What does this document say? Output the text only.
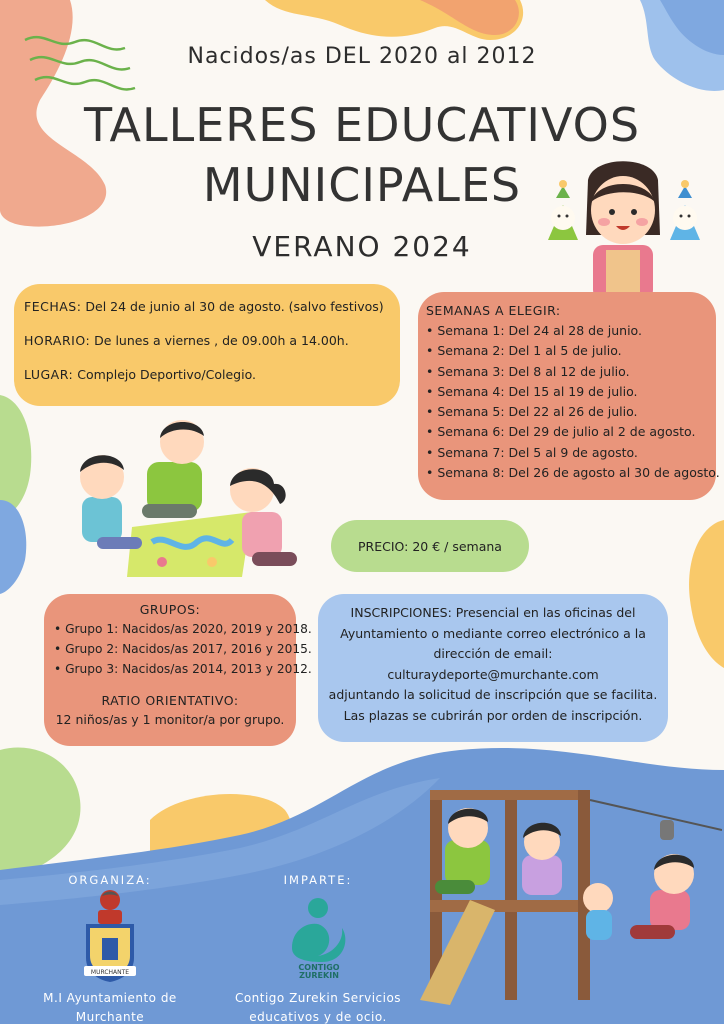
Nacidos/as DEL 2020 al 2012
TALLERES EDUCATIVOS
MUNICIPALES
VERANO 2024

FECHAS: Del 24 de junio al 30 de agosto. (salvo festivos)

HORARIO: De lunes a viernes , de 09.00h a 14.00h.

LUGAR: Complejo Deportivo/Colegio.

SEMANAS A ELEGIR:
• Semana 1: Del 24 al 28 de junio.
• Semana 2: Del 1 al 5 de julio.
• Semana 3: Del 8 al 12 de julio.
• Semana 4: Del 15 al 19 de julio.
• Semana 5: Del 22 al 26 de julio.
• Semana 6: Del 29 de julio al 2 de agosto.
• Semana 7: Del 5 al 9 de agosto.
• Semana 8: Del 26 de agosto al 30 de agosto.
PRECIO:
20 € / semana
GRUPOS:
• Grupo 1: Nacidos/as 2020, 2019 y 2018.
• Grupo 2: Nacidos/as 2017, 2016 y 2015.
• Grupo 3: Nacidos/as 2014, 2013 y 2012.
RATIO ORIENTATIVO:
12 niños/as y 1 monitor/a por grupo.
INSCRIPCIONES: Presencial en las oficinas del
Ayuntamiento o mediante correo electrónico a la
dirección de email:
culturaydeporte@murchante.com
adjuntando la solicitud de inscripción que se facilita.
Las plazas se cubrirán por orden de inscripción.
ORGANIZA:
MURCHANTE
M.I Ayuntamiento de
Murchante
IMPARTE:
CONTIGO
ZUREKIN
Contigo Zurekin Servicios
educativos y de ocio.
